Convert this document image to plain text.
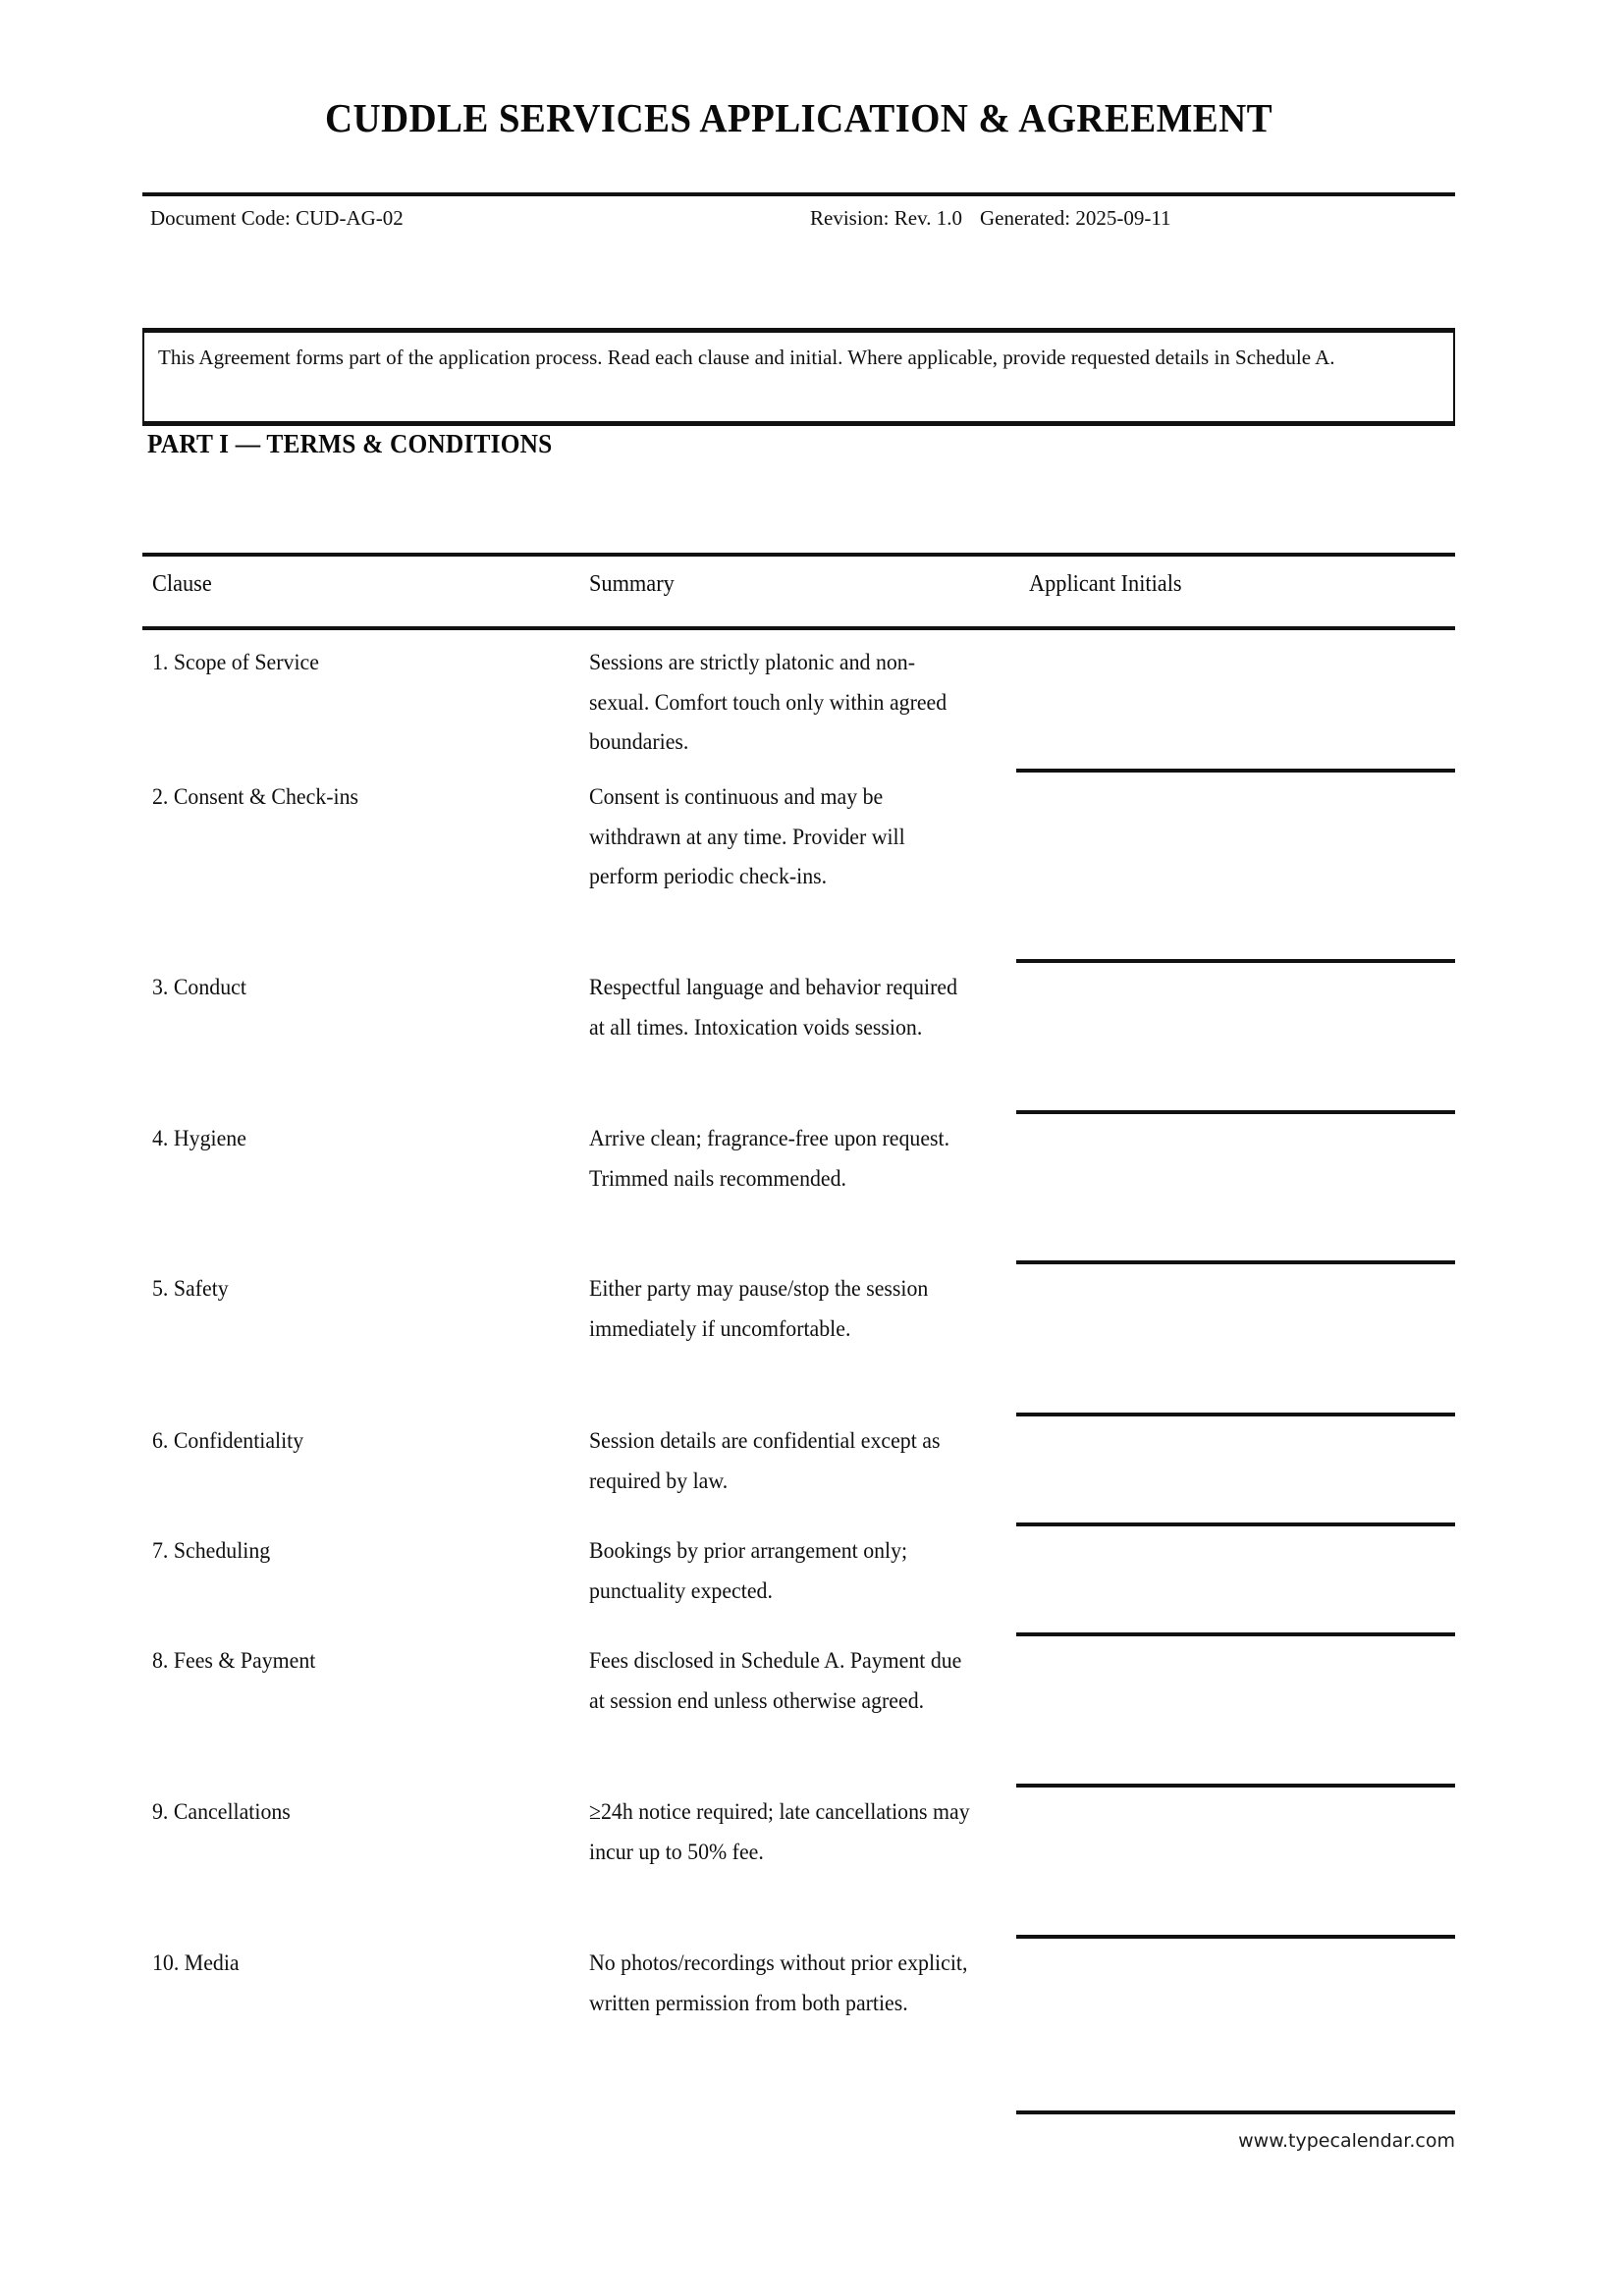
CUDDLE SERVICES APPLICATION & AGREEMENT
Document Code: CUD-AG-02	Revision: Rev. 1.0 Generated: 2025-09-11
This Agreement forms part of the application process. Read each clause and initial. Where applicable, provide requested details in Schedule A.
PART I — TERMS & CONDITIONS
Clause	Summary	Applicant Initials
1. Scope of Service	Sessions are strictly platonic and non-sexual. Comfort touch only within agreed boundaries.
2. Consent & Check-ins	Consent is continuous and may be withdrawn at any time. Provider will perform periodic check-ins.
3. Conduct	Respectful language and behavior required at all times. Intoxication voids session.
4. Hygiene	Arrive clean; fragrance-free upon request. Trimmed nails recommended.
5. Safety	Either party may pause/stop the session immediately if uncomfortable.
6. Confidentiality	Session details are confidential except as required by law.
7. Scheduling	Bookings by prior arrangement only; punctuality expected.
8. Fees & Payment	Fees disclosed in Schedule A. Payment due at session end unless otherwise agreed.
9. Cancellations	≥24h notice required; late cancellations may incur up to 50% fee.
10. Media	No photos/recordings without prior explicit, written permission from both parties.
www.typecalendar.com
